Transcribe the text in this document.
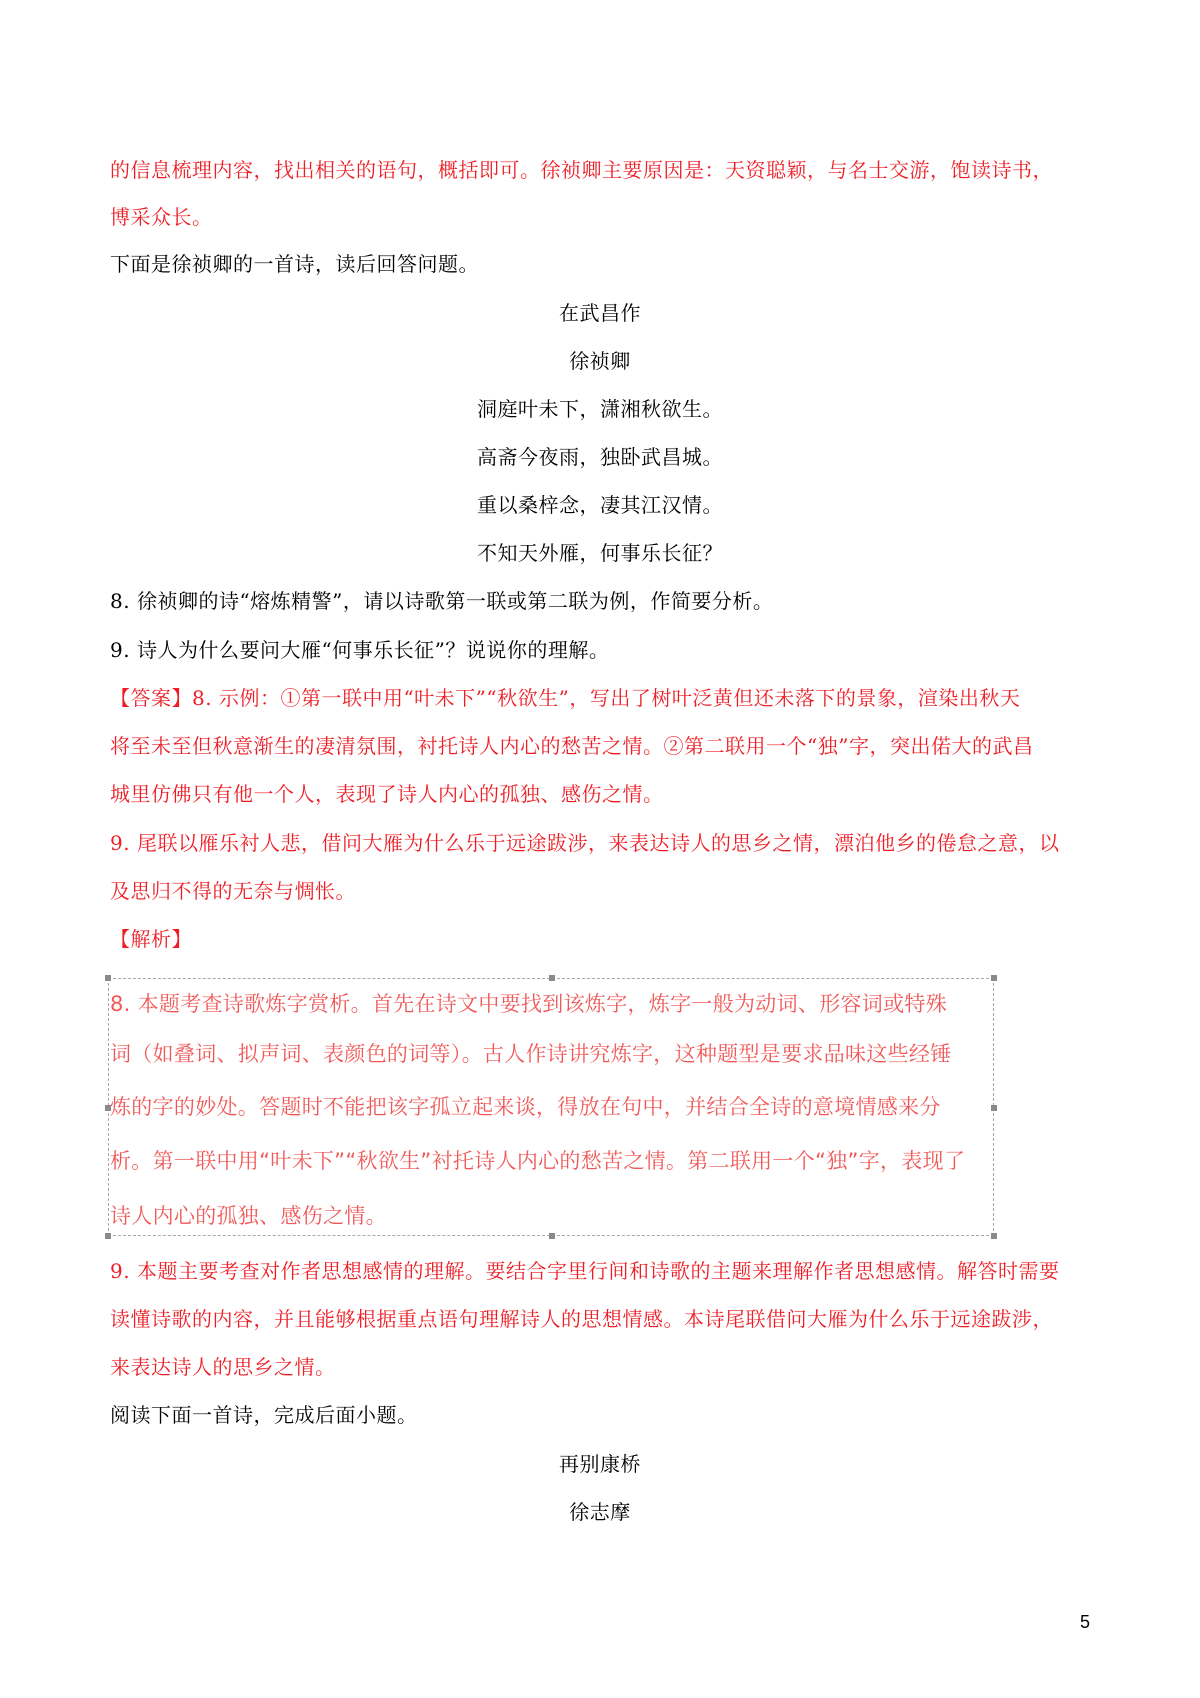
的信息梳理内容，找出相关的语句，概括即可。徐祯卿主要原因是：天资聪颖，与名士交游，饱读诗书，
博采众长。
下面是徐祯卿的一首诗，读后回答问题。
在武昌作
徐祯卿
洞庭叶未下，潇湘秋欲生。
高斋今夜雨，独卧武昌城。
重以桑梓念，凄其江汉情。
不知天外雁，何事乐长征？
8. 徐祯卿的诗“熔炼精警”，请以诗歌第一联或第二联为例，作简要分析。
9. 诗人为什么要问大雁“何事乐长征”？说说你的理解。
【答案】8. 示例：①第一联中用“叶未下”“秋欲生”，写出了树叶泛黄但还未落下的景象，渲染出秋天
将至未至但秋意渐生的凄清氛围，衬托诗人内心的愁苦之情。②第二联用一个“独”字，突出偌大的武昌
城里仿佛只有他一个人，表现了诗人内心的孤独、感伤之情。
9. 尾联以雁乐衬人悲，借问大雁为什么乐于远途跋涉，来表达诗人的思乡之情，漂泊他乡的倦怠之意，以
及思归不得的无奈与惆怅。
【解析】
8. 本题考查诗歌炼字赏析。首先在诗文中要找到该炼字，炼字一般为动词、形容词或特殊
词（如叠词、拟声词、表颜色的词等）。古人作诗讲究炼字，这种题型是要求品味这些经锤
炼的字的妙处。答题时不能把该字孤立起来谈，得放在句中，并结合全诗的意境情感来分
析。第一联中用“叶未下”“秋欲生”衬托诗人内心的愁苦之情。第二联用一个“独”字，表现了
诗人内心的孤独、感伤之情。
9. 本题主要考查对作者思想感情的理解。要结合字里行间和诗歌的主题来理解作者思想感情。解答时需要
读懂诗歌的内容，并且能够根据重点语句理解诗人的思想情感。本诗尾联借问大雁为什么乐于远途跋涉，
来表达诗人的思乡之情。
阅读下面一首诗，完成后面小题。
再别康桥
徐志摩
5
